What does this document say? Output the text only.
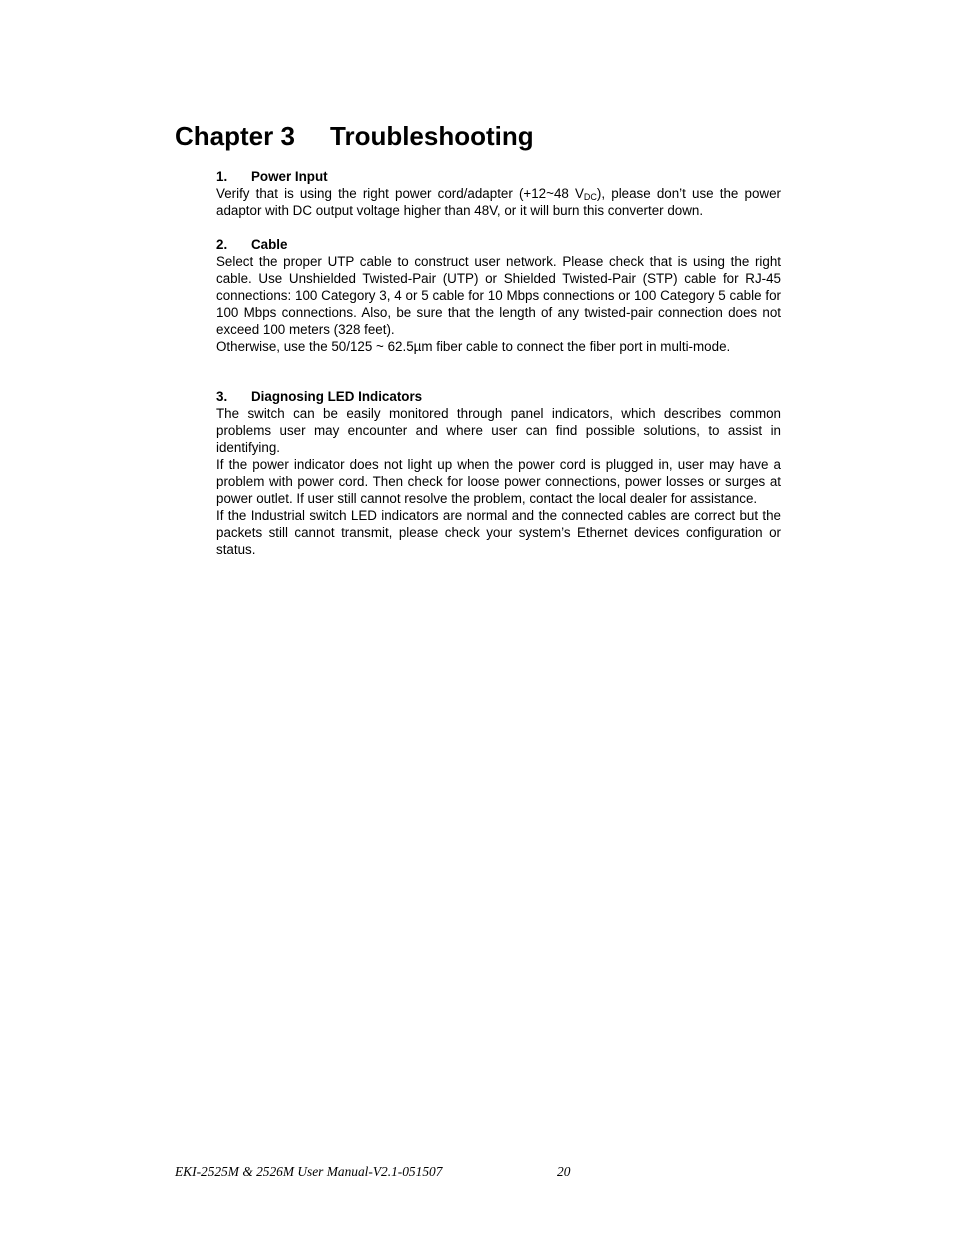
Chapter 3 Troubleshooting
1. Power Input

Verify that is using the right power cord/adapter (+12~48 $V_{DC}$), please don’t use the power adaptor with DC output voltage higher than 48V, or it will burn this converter down.

2. Cable

Select the proper UTP cable to construct user network. Please check that is using the right cable. Use Unshielded Twisted-Pair (UTP) or Shielded Twisted-Pair (STP) cable for RJ-45 connections: 100 Category 3, 4 or 5 cable for 10 Mbps connections or 100 Category 5 cable for 100 Mbps connections. Also, be sure that the length of any twisted-pair connection does not exceed 100 meters (328 feet).

Otherwise, use the 50/125 ~ 62.5µm fiber cable to connect the fiber port in multi-mode.

3. Diagnosing LED Indicators

The switch can be easily monitored through panel indicators, which describes common problems user may encounter and where user can find possible solutions, to assist in identifying.

If the power indicator does not light up when the power cord is plugged in, user may have a problem with power cord. Then check for loose power connections, power losses or surges at power outlet. If user still cannot resolve the problem, contact the local dealer for assistance.

If the Industrial switch LED indicators are normal and the connected cables are correct but the packets still cannot transmit, please check your system’s Ethernet devices configuration or status.

EKI-2525M & 2526M User Manual-V2.1-051507	20
